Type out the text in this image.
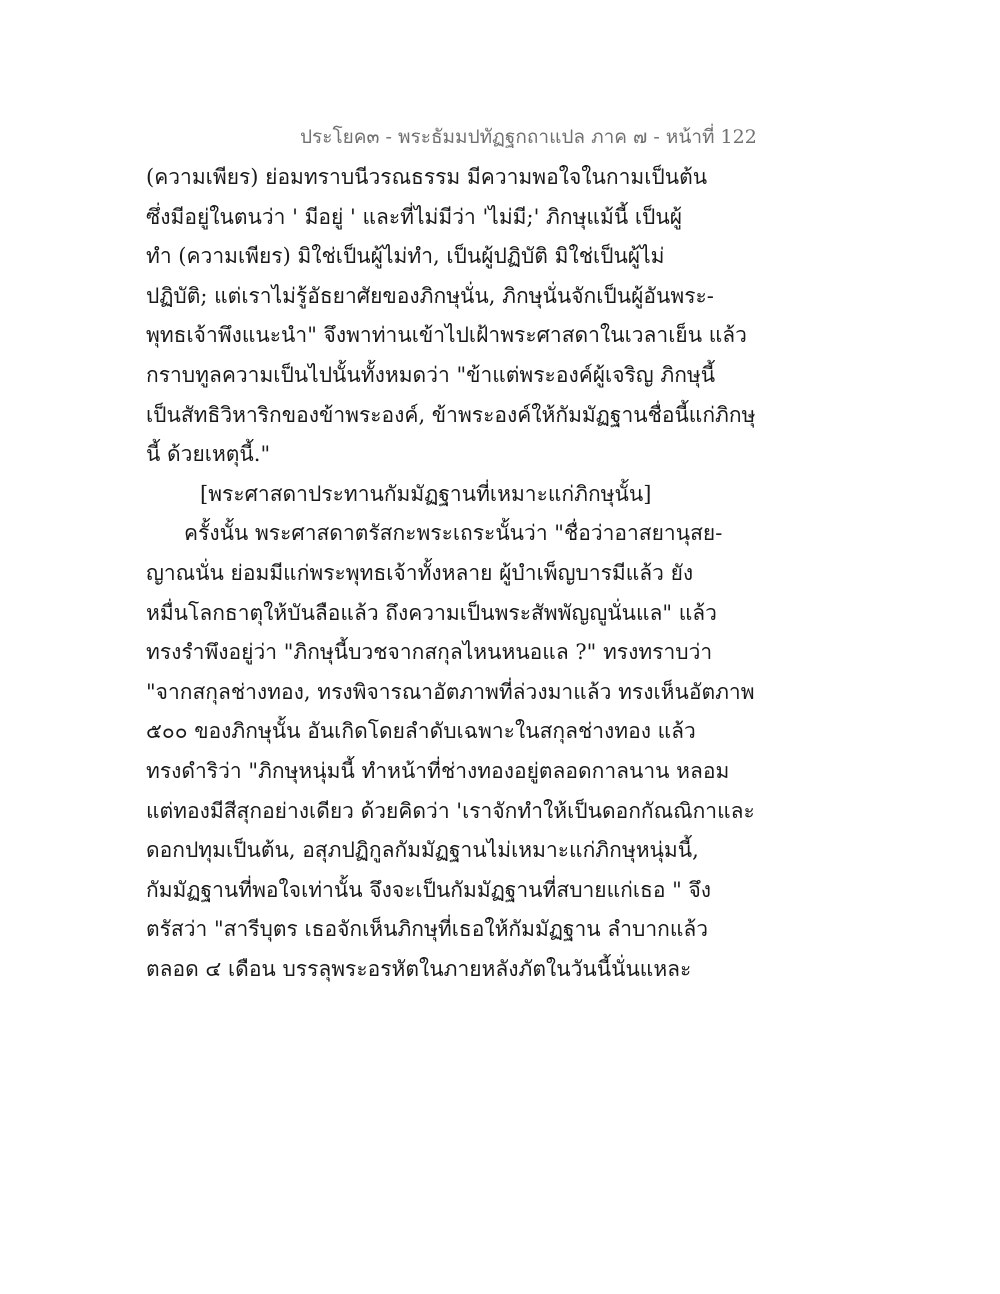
ประโยค๓ - พระธัมมปทัฏฐกถาแปล ภาค ๗ - หน้าที่ 122
(ความเพียร) ย่อมทราบนีวรณธรรม มีความพอใจในกามเป็นต้น
ซึ่งมีอยู่ในตนว่า ' มีอยู่ ' และที่ไม่มีว่า 'ไม่มี;' ภิกษุแม้นี้ เป็นผู้
ทำ (ความเพียร) มิใช่เป็นผู้ไม่ทำ, เป็นผู้ปฏิบัติ มิใช่เป็นผู้ไม่
ปฏิบัติ; แต่เราไม่รู้อัธยาศัยของภิกษุนั่น, ภิกษุนั่นจักเป็นผู้อันพระ-
พุทธเจ้าพึงแนะนำ" จึงพาท่านเข้าไปเฝ้าพระศาสดาในเวลาเย็น แล้ว
กราบทูลความเป็นไปนั้นทั้งหมดว่า "ข้าแต่พระองค์ผู้เจริญ ภิกษุนี้
เป็นสัทธิวิหาริกของข้าพระองค์, ข้าพระองค์ให้กัมมัฏฐานชื่อนี้แก่ภิกษุ
นี้ ด้วยเหตุนี้."
[พระศาสดาประทานกัมมัฏฐานที่เหมาะแก่ภิกษุนั้น]
ครั้งนั้น พระศาสดาตรัสกะพระเถระนั้นว่า "ชื่อว่าอาสยานุสย-
ญาณนั่น ย่อมมีแก่พระพุทธเจ้าทั้งหลาย ผู้บำเพ็ญบารมีแล้ว ยัง
หมื่นโลกธาตุให้บันลือแล้ว ถึงความเป็นพระสัพพัญญูนั่นแล" แล้ว
ทรงรำพึงอยู่ว่า "ภิกษุนี้บวชจากสกุลไหนหนอแล ?" ทรงทราบว่า
"จากสกุลช่างทอง, ทรงพิจารณาอัตภาพที่ล่วงมาแล้ว ทรงเห็นอัตภาพ
๕๐๐ ของภิกษุนั้น อันเกิดโดยลำดับเฉพาะในสกุลช่างทอง แล้ว
ทรงดำริว่า "ภิกษุหนุ่มนี้ ทำหน้าที่ช่างทองอยู่ตลอดกาลนาน หลอม
แต่ทองมีสีสุกอย่างเดียว ด้วยคิดว่า 'เราจักทำให้เป็นดอกกัณณิกาและ
ดอกปทุมเป็นต้น, อสุภปฏิกูลกัมมัฏฐานไม่เหมาะแก่ภิกษุหนุ่มนี้,
กัมมัฏฐานที่พอใจเท่านั้น จึงจะเป็นกัมมัฏฐานที่สบายแก่เธอ " จึง
ตรัสว่า "สารีบุตร เธอจักเห็นภิกษุที่เธอให้กัมมัฏฐาน ลำบากแล้ว
ตลอด ๔ เดือน บรรลุพระอรหัตในภายหลังภัตในวันนี้นั่นแหละ
